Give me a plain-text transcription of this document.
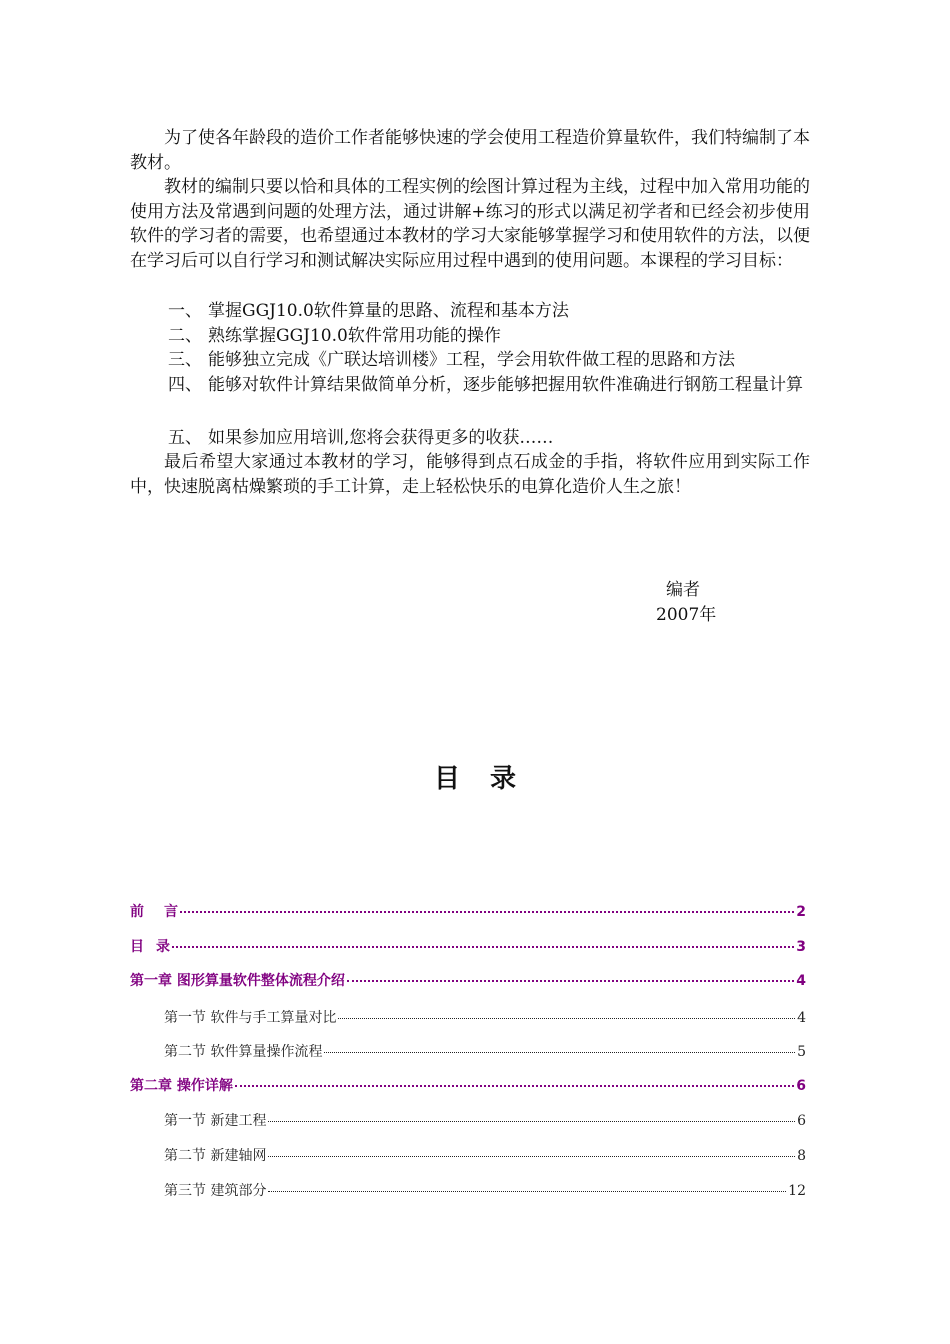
为了使各年龄段的造价工作者能够快速的学会使用工程造价算量软件，我们特编制了本教材。

教材的编制只要以恰和具体的工程实例的绘图计算过程为主线，过程中加入常用功能的使用方法及常遇到问题的处理方法，通过讲解+练习的形式以满足初学者和已经会初步使用软件的学习者的需要，也希望通过本教材的学习大家能够掌握学习和使用软件的方法，以便在学习后可以自行学习和测试解决实际应用过程中遇到的使用问题。本课程的学习目标：

一、 掌握GGJ10.0软件算量的思路、流程和基本方法
二、 熟练掌握GGJ10.0软件常用功能的操作
三、 能够独立完成《广联达培训楼》工程，学会用软件做工程的思路和方法
四、 能够对软件计算结果做简单分析，逐步能够把握用软件准确进行钢筋工程量计算
五、 如果参加应用培训,您将会获得更多的收获……

最后希望大家通过本教材的学习，能够得到点石成金的手指，将软件应用到实际工作中，快速脱离枯燥繁琐的手工计算，走上轻松快乐的电算化造价人生之旅！

编者
2007年
目录
前 言	2
目 录	3
第一章 图形算量软件整体流程介绍	4
第一节 软件与手工算量对比	4
第二节 软件算量操作流程	5
第二章 操作详解	6
第一节 新建工程	6
第二节 新建轴网	8
第三节 建筑部分	12
